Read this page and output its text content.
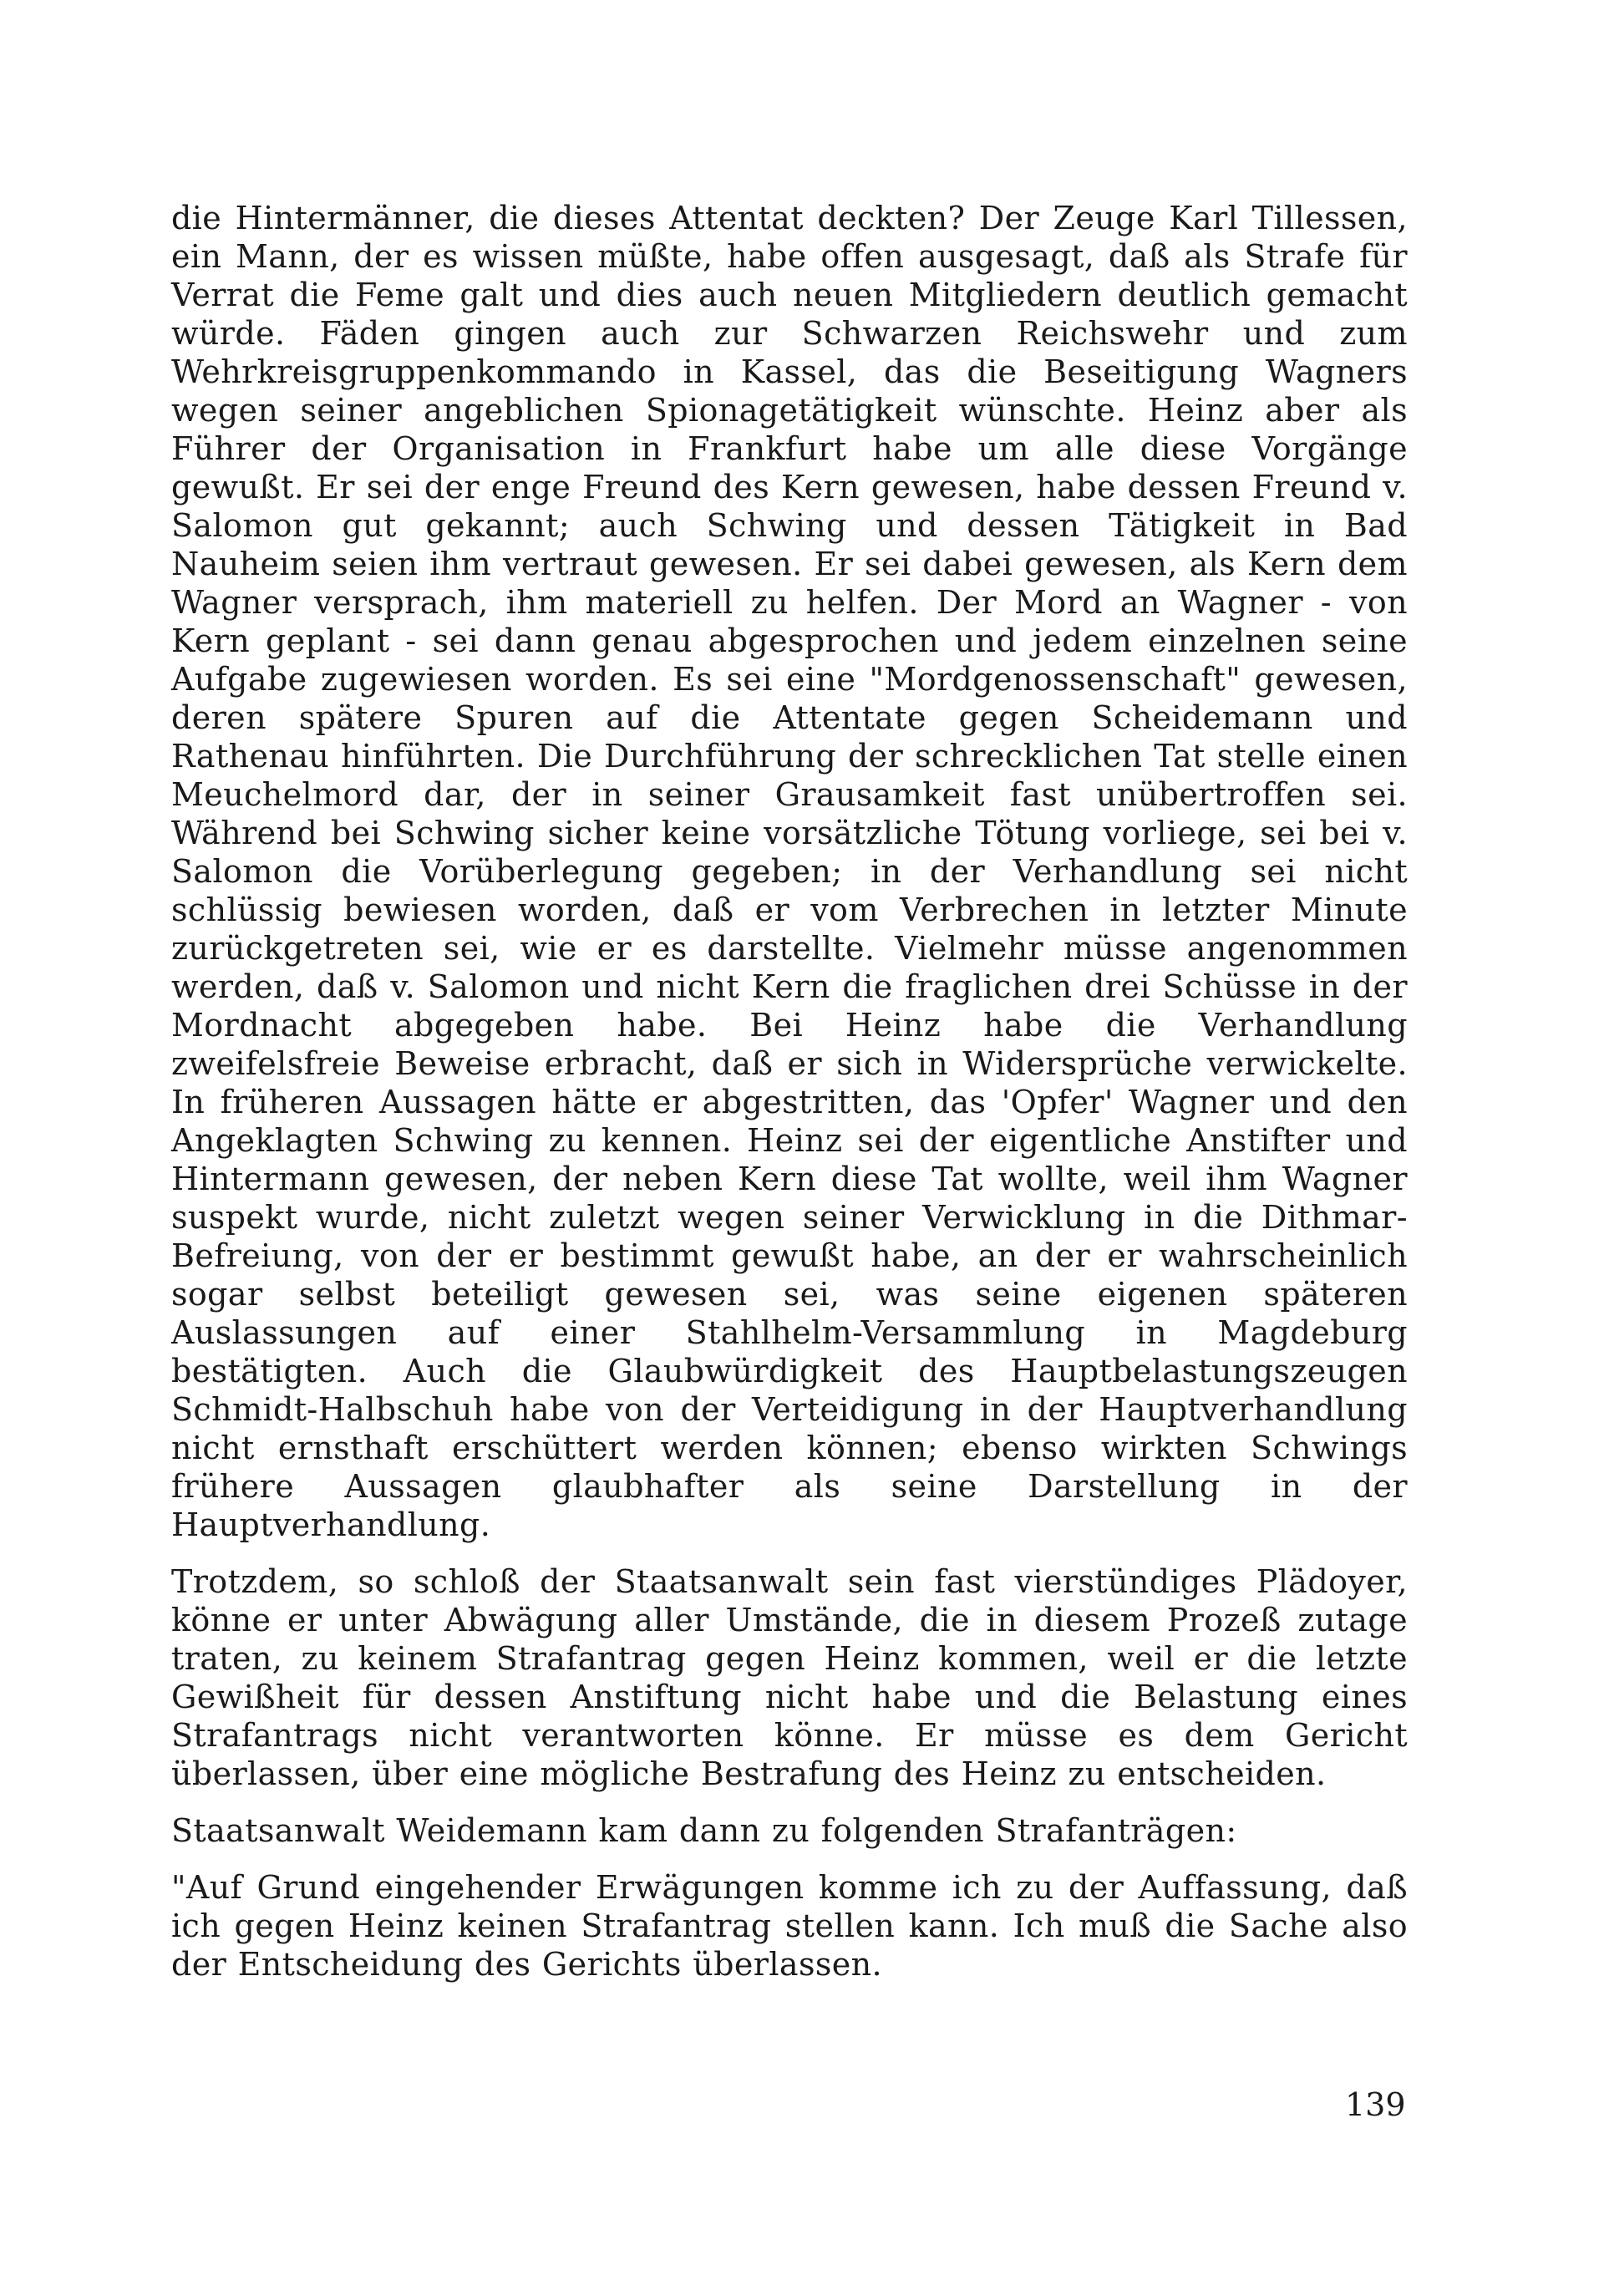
die Hintermänner, die dieses Attentat deckten? Der Zeuge Karl Tillessen, ein Mann, der es wissen müßte, habe offen ausgesagt, daß als Strafe für Verrat die Feme galt und dies auch neuen Mitgliedern deutlich gemacht würde. Fäden gingen auch zur Schwarzen Reichswehr und zum Wehrkreisgruppenkommando in Kassel, das die Beseitigung Wagners wegen seiner angeblichen Spionagetätigkeit wünschte. Heinz aber als Führer der Organisation in Frankfurt habe um alle diese Vorgänge gewußt. Er sei der enge Freund des Kern gewesen, habe dessen Freund v. Salomon gut gekannt; auch Schwing und dessen Tätigkeit in Bad Nauheim seien ihm vertraut gewesen. Er sei dabei gewesen, als Kern dem Wagner versprach, ihm materiell zu helfen. Der Mord an Wagner - von Kern geplant - sei dann genau abgesprochen und jedem einzelnen seine Aufgabe zugewiesen worden. Es sei eine "Mordgenossenschaft" gewesen, deren spätere Spuren auf die Attentate gegen Scheidemann und Rathenau hinführten. Die Durchführung der schrecklichen Tat stelle einen Meuchelmord dar, der in seiner Grausamkeit fast unübertroffen sei. Während bei Schwing sicher keine vorsätzliche Tötung vorliege, sei bei v. Salomon die Vorüberlegung gegeben; in der Verhandlung sei nicht schlüssig bewiesen worden, daß er vom Verbrechen in letzter Minute zurückgetreten sei, wie er es darstellte. Vielmehr müsse angenommen werden, daß v. Salomon und nicht Kern die fraglichen drei Schüsse in der Mordnacht abgegeben habe. Bei Heinz habe die Verhandlung zweifelsfreie Beweise erbracht, daß er sich in Widersprüche verwickelte. In früheren Aussagen hätte er abgestritten, das 'Opfer' Wagner und den Angeklagten Schwing zu kennen. Heinz sei der eigentliche Anstifter und Hintermann gewesen, der neben Kern diese Tat wollte, weil ihm Wagner suspekt wurde, nicht zuletzt wegen seiner Verwicklung in die Dithmar-Befreiung, von der er bestimmt gewußt habe, an der er wahrscheinlich sogar selbst beteiligt gewesen sei, was seine eigenen späteren Auslassungen auf einer Stahlhelm-Versammlung in Magdeburg bestätigten. Auch die Glaubwürdigkeit des Hauptbelastungszeugen Schmidt-Halbschuh habe von der Verteidigung in der Hauptverhandlung nicht ernsthaft erschüttert werden können; ebenso wirkten Schwings frühere Aussagen glaubhafter als seine Darstellung in der Hauptverhandlung.

Trotzdem, so schloß der Staatsanwalt sein fast vierstündiges Plädoyer, könne er unter Abwägung aller Umstände, die in diesem Prozeß zutage traten, zu keinem Strafantrag gegen Heinz kommen, weil er die letzte Gewißheit für dessen Anstiftung nicht habe und die Belastung eines Strafantrags nicht verantworten könne. Er müsse es dem Gericht überlassen, über eine mögliche Bestrafung des Heinz zu entscheiden.

Staatsanwalt Weidemann kam dann zu folgenden Strafanträgen:

"Auf Grund eingehender Erwägungen komme ich zu der Auffassung, daß ich gegen Heinz keinen Strafantrag stellen kann. Ich muß die Sache also der Entscheidung des Gerichts überlassen.

139
